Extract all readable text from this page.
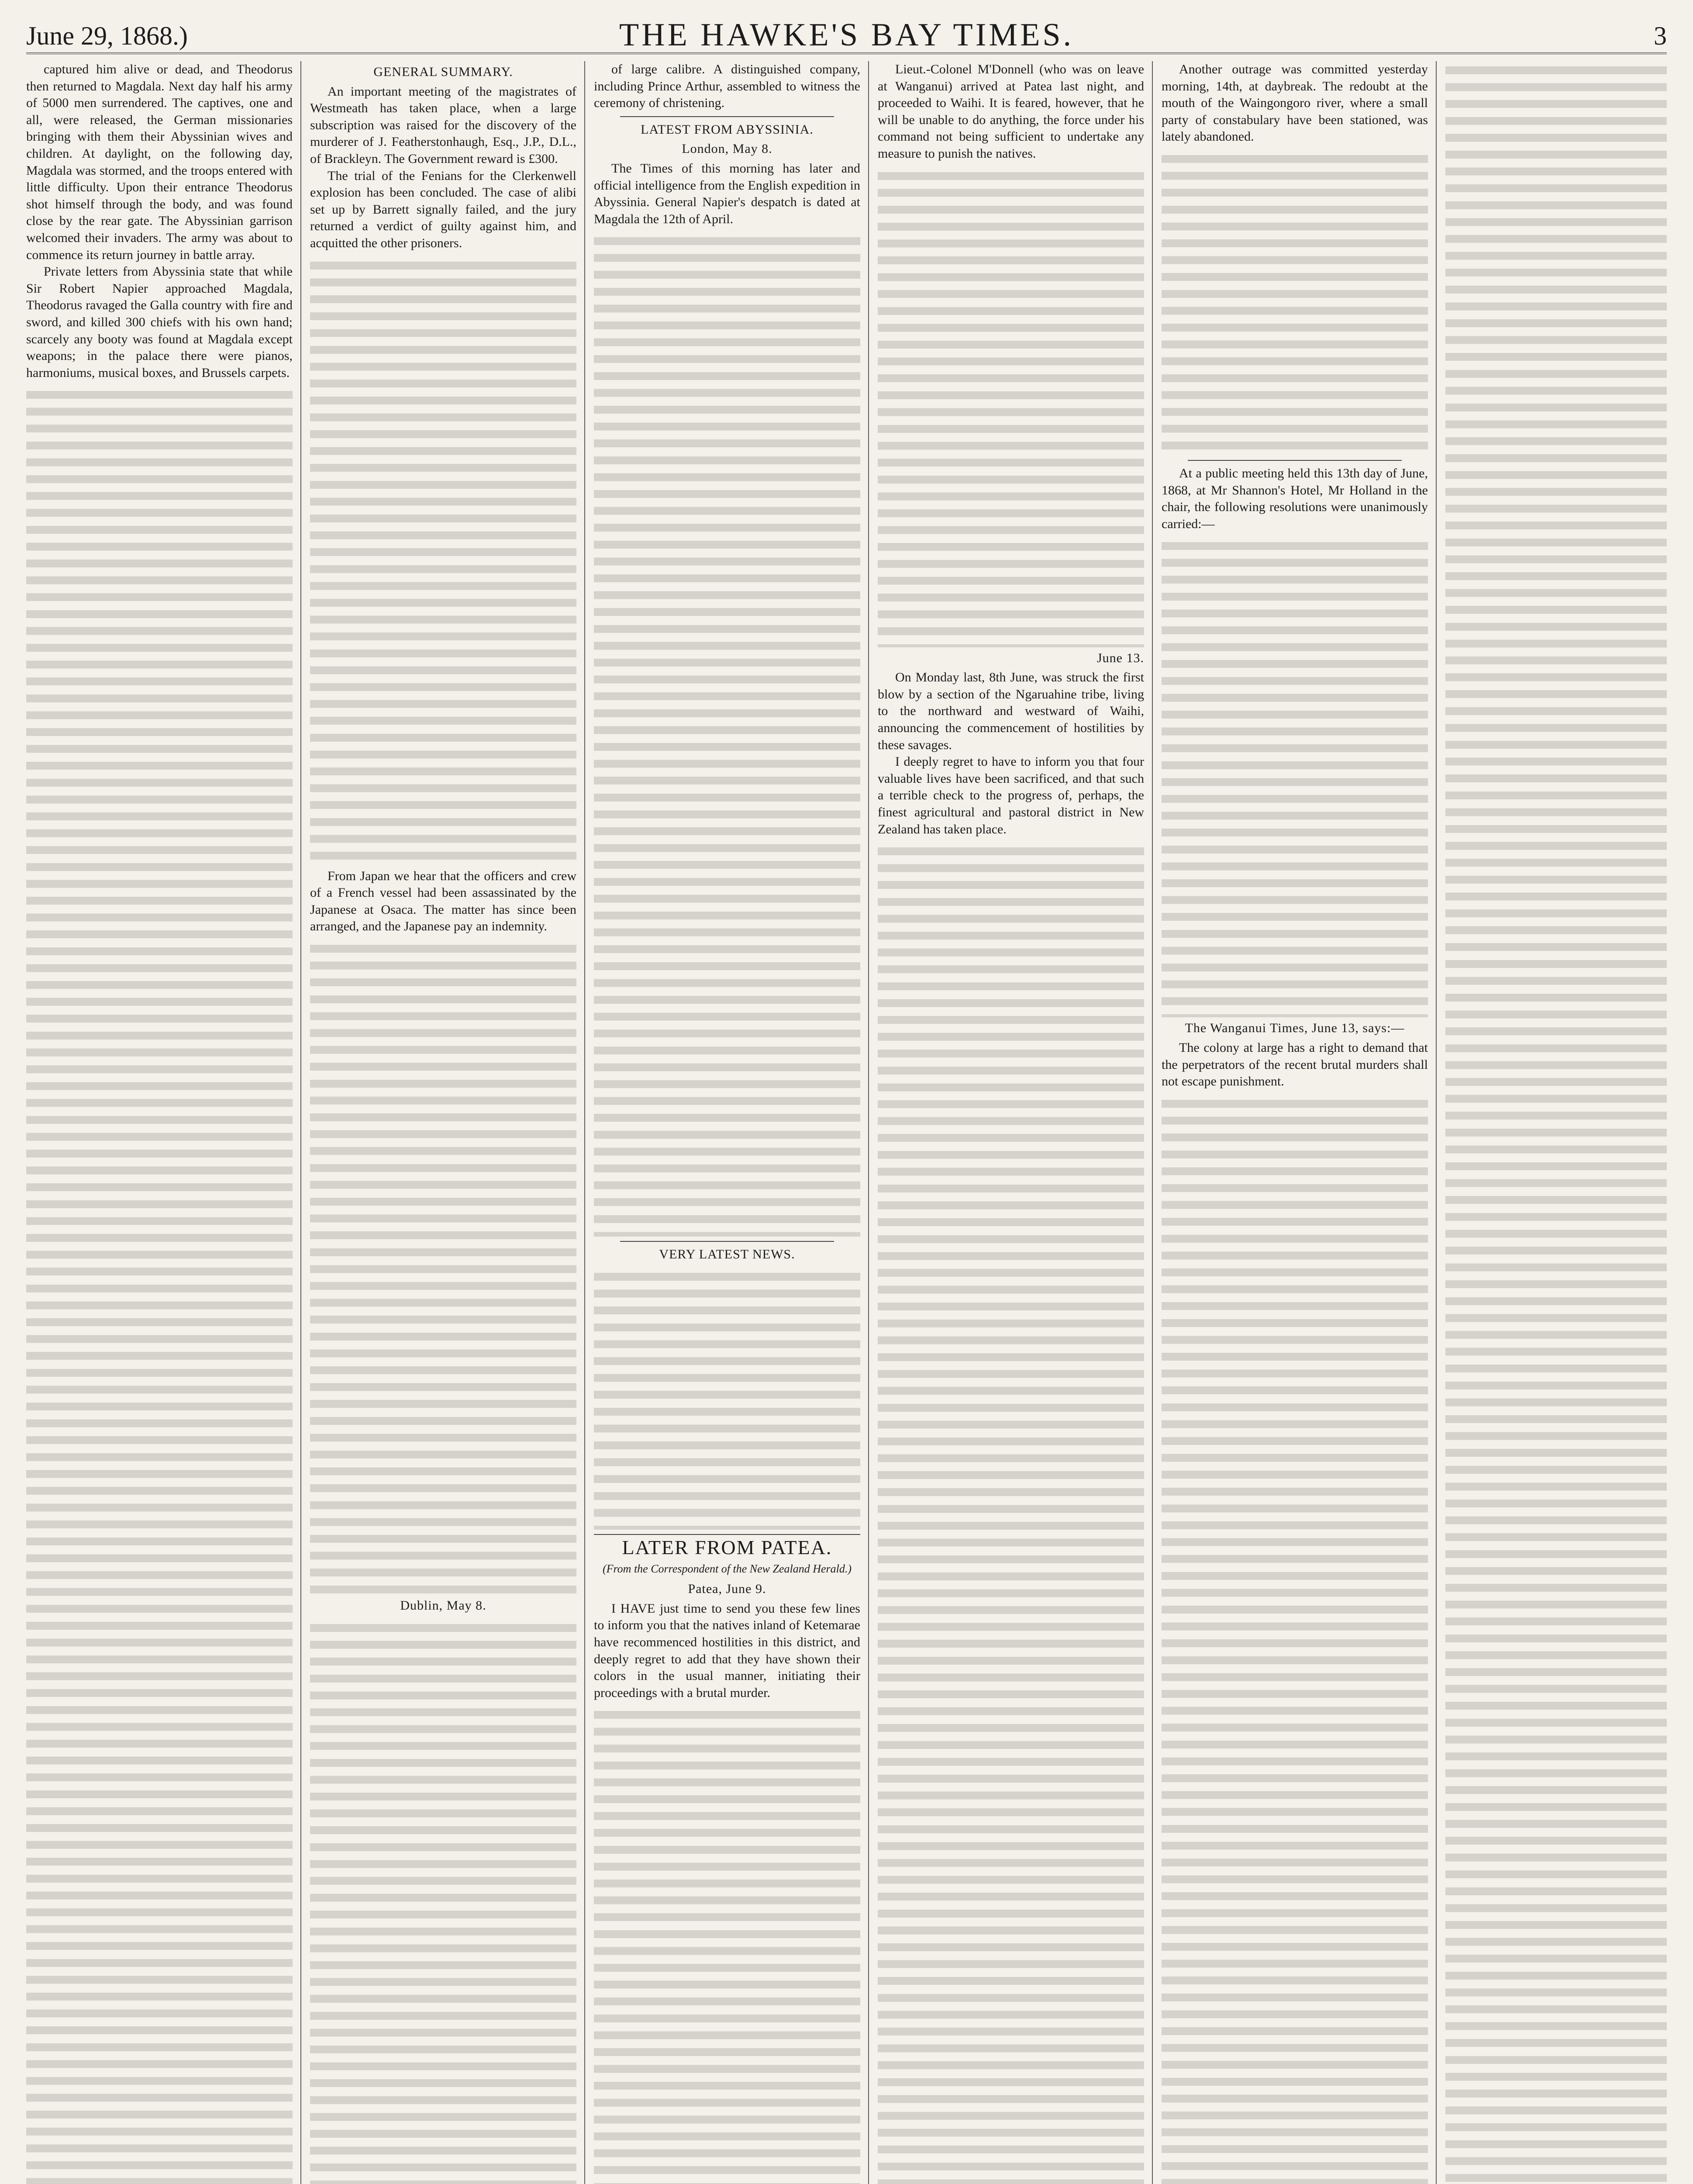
June 29, 1868.)	THE HAWKE'S BAY TIMES.	3

captured him alive or dead, and Theodorus then returned to Magdala. Next day half his army of 5000 men surrendered. The captives, one and all, were released, the German missionaries bringing with them their Abyssinian wives and children. At daylight, on the following day, Magdala was stormed, and the troops entered with little difficulty. Upon their entrance Theodorus shot himself through the body, and was found close by the rear gate. The Abyssinian garrison welcomed their invaders. The army was about to commence its return journey in battle array.

Private letters from Abyssinia state that while Sir Robert Napier approached Magdala, Theodorus ravaged the Galla country with fire and sword, and killed 300 chiefs with his own hand; scarcely any booty was found at Magdala except weapons; in the palace there were pianos, harmoniums, musical boxes, and Brussels carpets.

GENERAL SUMMARY.

An important meeting of the magistrates of Westmeath has taken place, when a large subscription was raised for the discovery of the murderer of J. Featherstonhaugh, Esq., J.P., D.L., of Brackleyn. The Government reward is £300.

The trial of the Fenians for the Clerkenwell explosion has been concluded. The case of alibi set up by Barrett signally failed, and the jury returned a verdict of guilty against him, and acquitted the other prisoners.

From Japan we hear that the officers and crew of a French vessel had been assassinated by the Japanese at Osaca. The matter has since been arranged, and the Japanese pay an indemnity.

Dublin, May 8.

of large calibre. A distinguished company, including Prince Arthur, assembled to witness the ceremony of christening.

LATEST FROM ABYSSINIA.

London, May 8.

The Times of this morning has later and official intelligence from the English expedition in Abyssinia. General Napier's despatch is dated at Magdala the 12th of April.

VERY LATEST NEWS.

LATER FROM PATEA.

(From the Correspondent of the New Zealand Herald.)

Patea, June 9.

I HAVE just time to send you these few lines to inform you that the natives inland of Ketemarae have recommenced hostilities in this district, and deeply regret to add that they have shown their colors in the usual manner, initiating their proceedings with a brutal murder.

Lieut.-Colonel M'Donnell (who was on leave at Wanganui) arrived at Patea last night, and proceeded to Waihi. It is feared, however, that he will be unable to do anything, the force under his command not being sufficient to undertake any measure to punish the natives.

June 13.

On Monday last, 8th June, was struck the first blow by a section of the Ngaruahine tribe, living to the northward and westward of Waihi, announcing the commencement of hostilities by these savages.

I deeply regret to have to inform you that four valuable lives have been sacrificed, and that such a terrible check to the progress of, perhaps, the finest agricultural and pastoral district in New Zealand has taken place.

Another outrage was committed yesterday morning, 14th, at daybreak. The redoubt at the mouth of the Waingongoro river, where a small party of constabulary have been stationed, was lately abandoned.

At a public meeting held this 13th day of June, 1868, at Mr Shannon's Hotel, Mr Holland in the chair, the following resolutions were unanimously carried:—

The Wanganui Times, June 13, says:—

The colony at large has a right to demand that the perpetrators of the recent brutal murders shall not escape punishment.
